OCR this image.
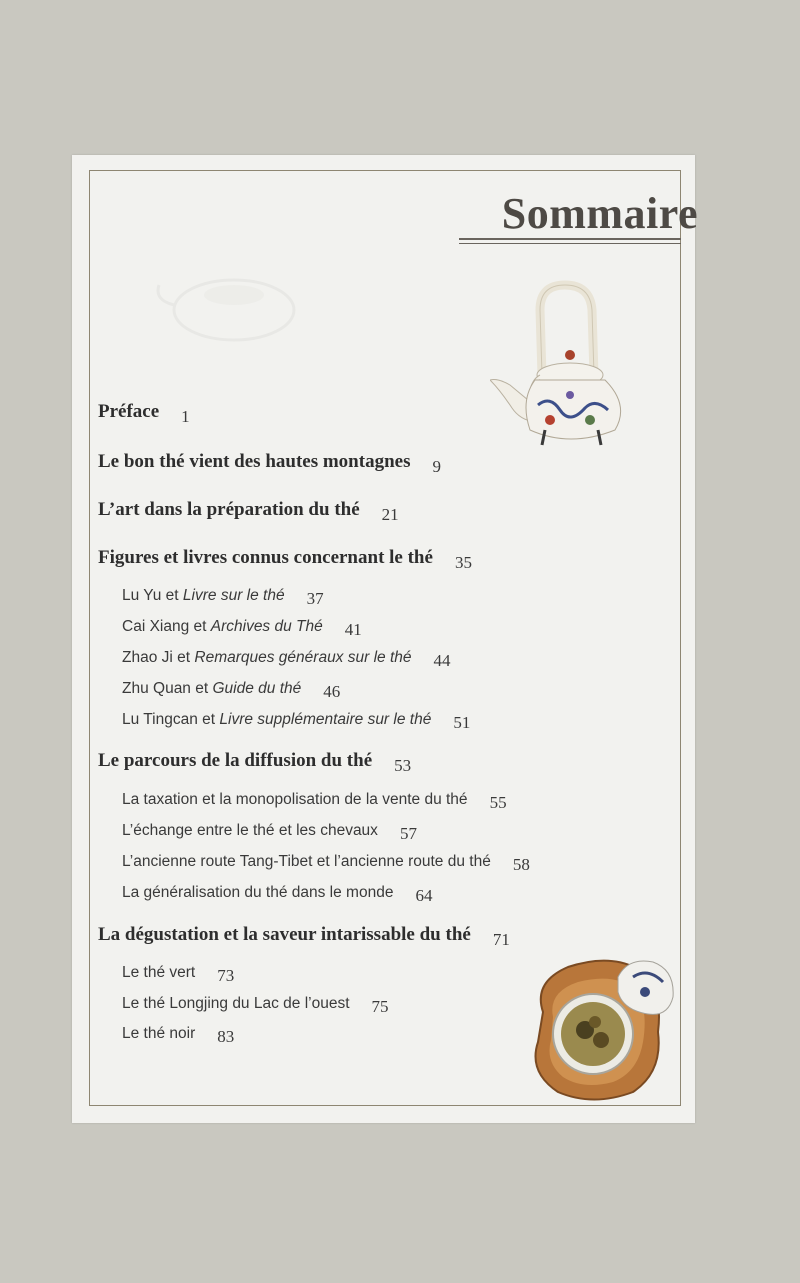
Sommaire
Préface 1
Le bon thé vient des hautes montagnes 9
L’art dans la préparation du thé 21
Figures et livres connus concernant le thé 35
Lu Yu et Livre sur le thé 37
Cai Xiang et Archives du Thé 41
Zhao Ji et Remarques généraux sur le thé 44
Zhu Quan et Guide du thé 46
Lu Tingcan et Livre supplémentaire sur le thé 51
Le parcours de la diffusion du thé 53
La taxation et la monopolisation de la vente du thé 55
L’échange entre le thé et les chevaux 57
L’ancienne route Tang-Tibet et l’ancienne route du thé 58
La généralisation du thé dans le monde 64
La dégustation et la saveur intarissable du thé 71
Le thé vert 73
Le thé Longjing du Lac de l’ouest 75
Le thé noir 83
